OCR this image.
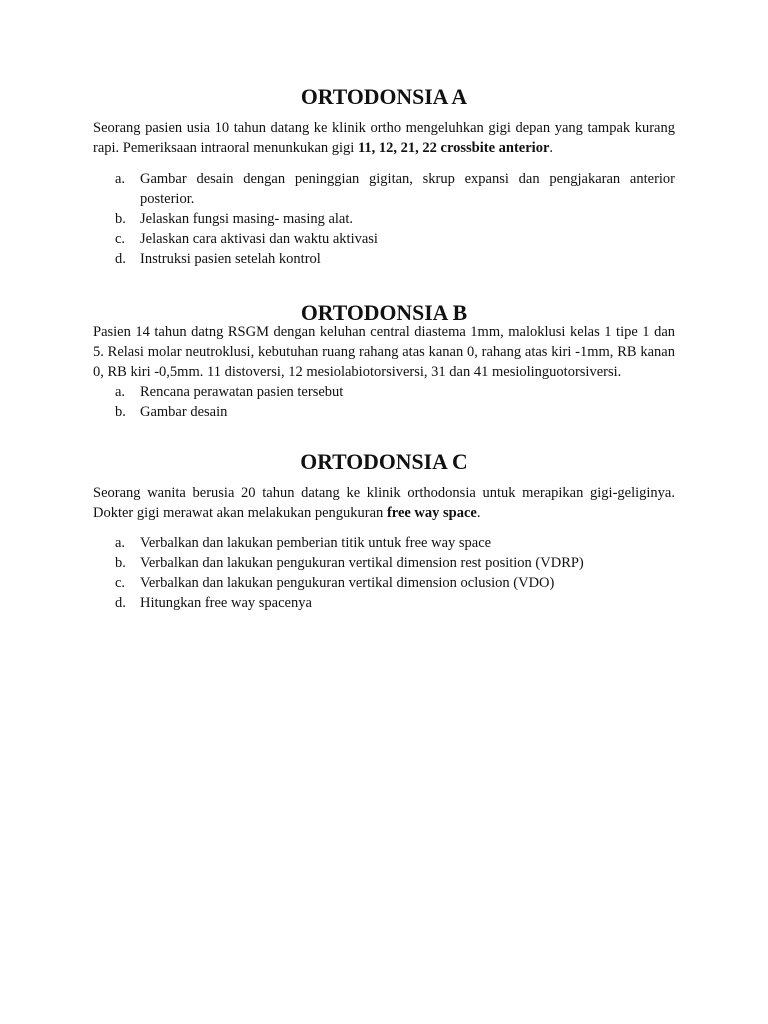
ORTODONSIA A

Seorang pasien usia 10 tahun datang ke klinik ortho mengeluhkan gigi depan yang tampak kurang rapi. Pemeriksaan intraoral menunkukan gigi 11, 12, 21, 22 crossbite anterior.

a. Gambar desain dengan peninggian gigitan, skrup expansi dan pengjakaran anterior posterior.
b. Jelaskan fungsi masing- masing alat.
c. Jelaskan cara aktivasi dan waktu aktivasi
d. Instruksi pasien setelah kontrol
ORTODONSIA B

Pasien 14 tahun datng RSGM dengan keluhan central diastema 1mm, maloklusi kelas 1 tipe 1 dan 5. Relasi molar neutroklusi, kebutuhan ruang rahang atas kanan 0, rahang atas kiri -1mm, RB kanan 0, RB kiri -0,5mm. 11 distoversi, 12 mesiolabiotorsiversi, 31 dan 41 mesiolinguotorsiversi.

a. Rencana perawatan pasien tersebut
b. Gambar desain
ORTODONSIA C

Seorang wanita berusia 20 tahun datang ke klinik orthodonsia untuk merapikan gigi-geliginya. Dokter gigi merawat akan melakukan pengukuran free way space.

a. Verbalkan dan lakukan pemberian titik untuk free way space
b. Verbalkan dan lakukan pengukuran vertikal dimension rest position (VDRP)
c. Verbalkan dan lakukan pengukuran vertikal dimension oclusion (VDO)
d. Hitungkan free way spacenya
